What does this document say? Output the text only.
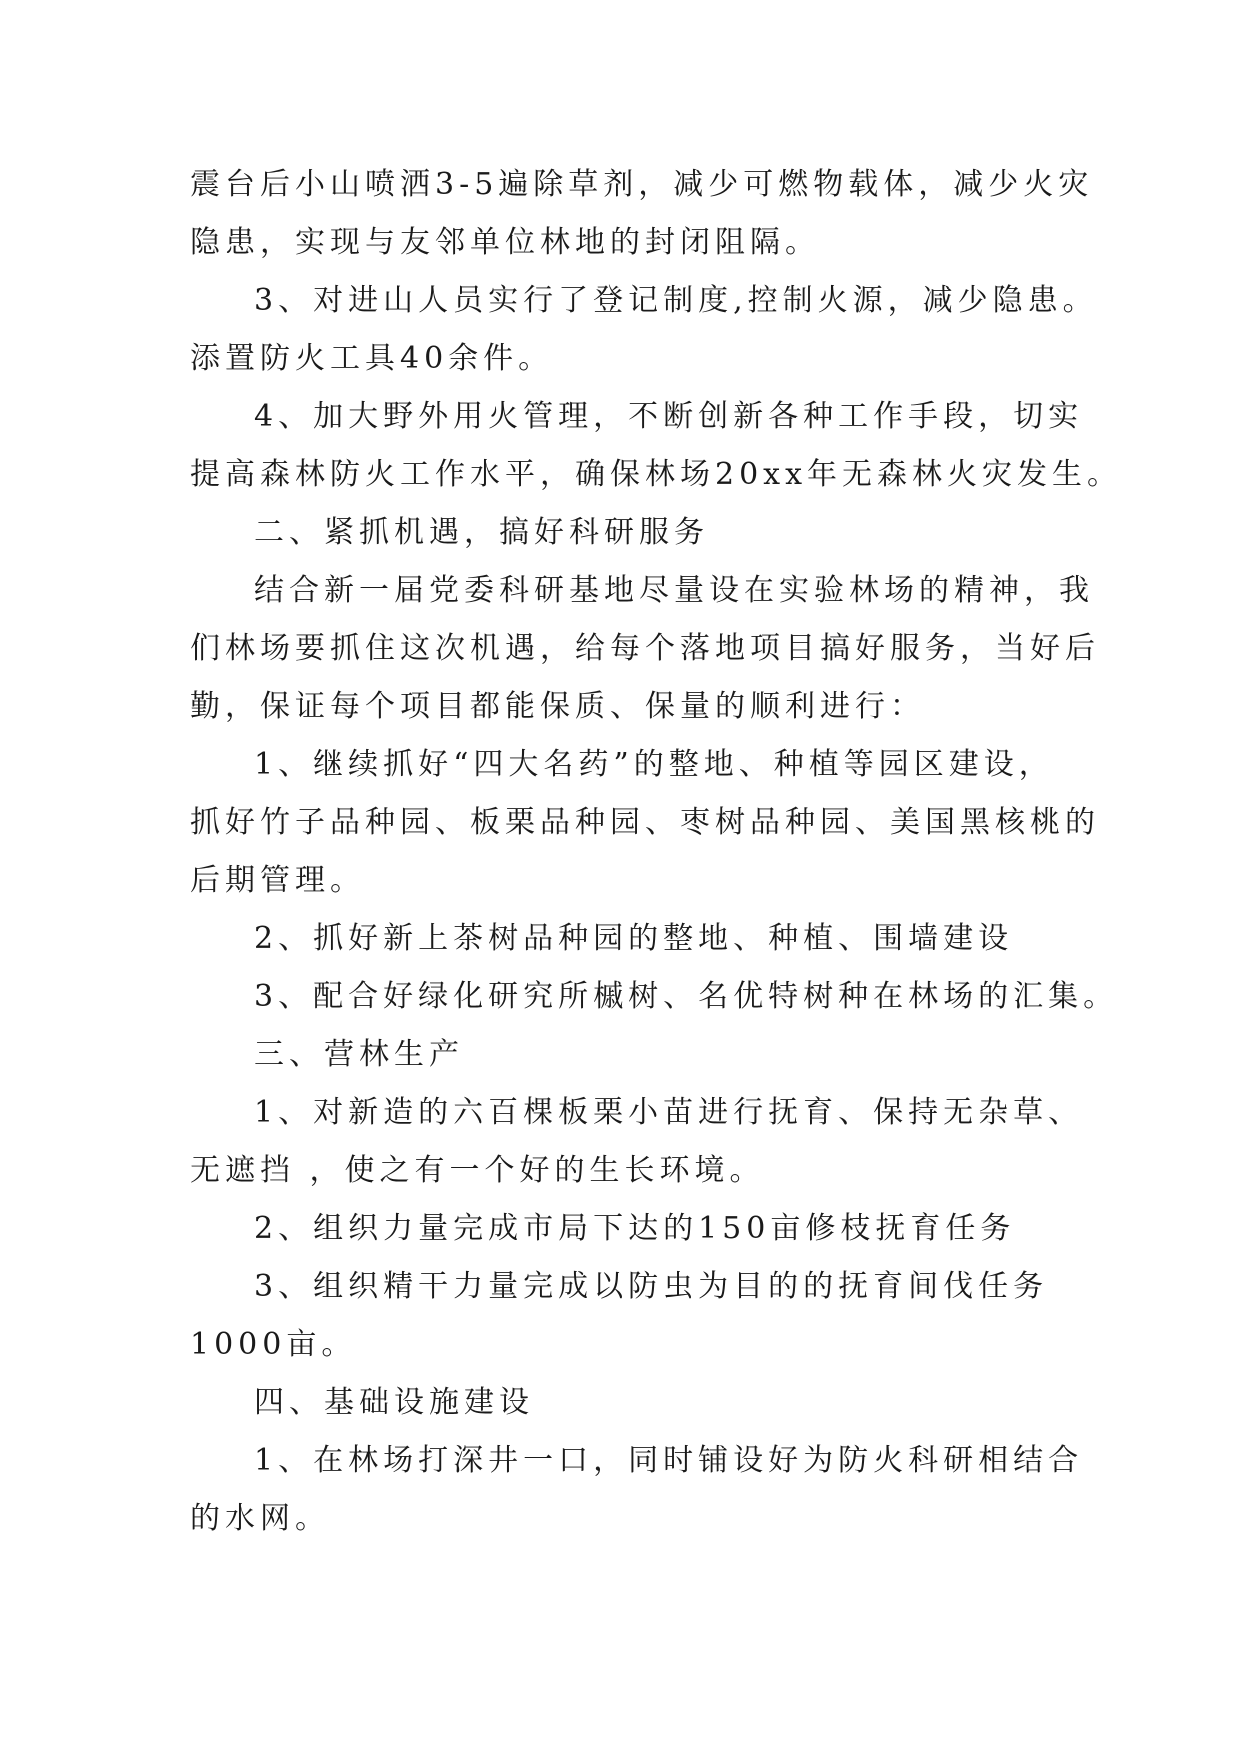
震台后小山喷洒3-5遍除草剂，减少可燃物载体，减少火灾
隐患，实现与友邻单位林地的封闭阻隔。
3、对进山人员实行了登记制度,控制火源，减少隐患。
添置防火工具40余件。
4、加大野外用火管理，不断创新各种工作手段，切实
提高森林防火工作水平，确保林场20xx年无森林火灾发生。
二、紧抓机遇，搞好科研服务
结合新一届党委科研基地尽量设在实验林场的精神，我
们林场要抓住这次机遇，给每个落地项目搞好服务，当好后
勤，保证每个项目都能保质、保量的顺利进行：
1、继续抓好“四大名药”的整地、种植等园区建设，
抓好竹子品种园、板栗品种园、枣树品种园、美国黑核桃的
后期管理。
2、抓好新上茶树品种园的整地、种植、围墙建设
3、配合好绿化研究所槭树、名优特树种在林场的汇集。
三、营林生产
1、对新造的六百棵板栗小苗进行抚育、保持无杂草、
无遮挡 ，使之有一个好的生长环境。
2、组织力量完成市局下达的150亩修枝抚育任务
3、组织精干力量完成以防虫为目的的抚育间伐任务
1000亩。
四、基础设施建设
1、在林场打深井一口，同时铺设好为防火科研相结合
的水网。
